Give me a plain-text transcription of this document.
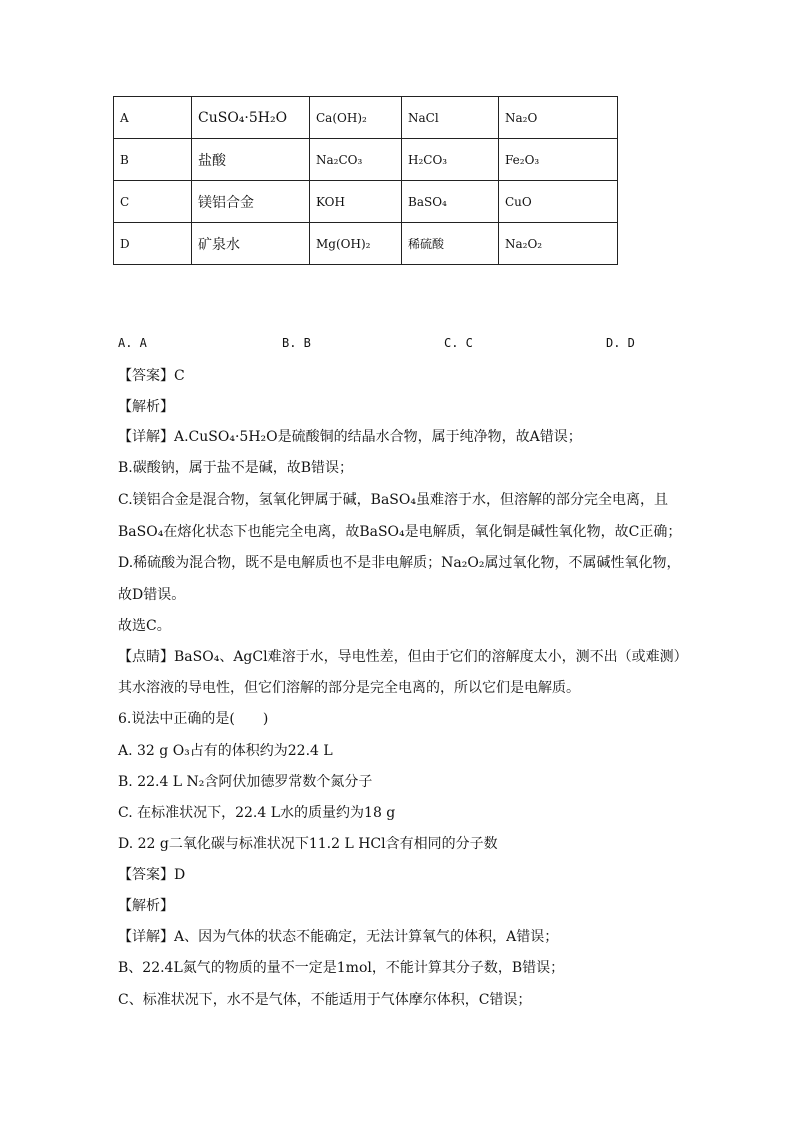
A	CuSO₄·5H₂O	Ca(OH)₂	NaCl	Na₂O
B	盐酸	Na₂CO₃	H₂CO₃	Fe₂O₃
C	镁铝合金	KOH	BaSO₄	CuO
D	矿泉水	Mg(OH)₂	稀硫酸	Na₂O₂
A. A	B. B	C. C	D. D
【答案】C
【解析】
【详解】A.CuSO₄·5H₂O是硫酸铜的结晶水合物，属于纯净物，故A错误；
B.碳酸钠，属于盐不是碱，故B错误；
C.镁铝合金是混合物，氢氧化钾属于碱，BaSO₄虽难溶于水，但溶解的部分完全电离，且
BaSO₄在熔化状态下也能完全电离，故BaSO₄是电解质，氧化铜是碱性氧化物，故C正确；
D.稀硫酸为混合物，既不是电解质也不是非电解质；Na₂O₂属过氧化物，不属碱性氧化物，
故D错误。
故选C。
【点睛】BaSO₄、AgCl难溶于水，导电性差，但由于它们的溶解度太小，测不出（或难测）
其水溶液的导电性，但它们溶解的部分是完全电离的，所以它们是电解质。
6.说法中正确的是(　　)
A. 32 g O₃占有的体积约为22.4 L
B. 22.4 L N₂含阿伏加德罗常数个氮分子
C. 在标准状况下，22.4 L水的质量约为18 g
D. 22 g二氧化碳与标准状况下11.2 L HCl含有相同的分子数
【答案】D
【解析】
【详解】A、因为气体的状态不能确定，无法计算氧气的体积，A错误；
B、22.4L氮气的物质的量不一定是1mol，不能计算其分子数，B错误；
C、标准状况下，水不是气体，不能适用于气体摩尔体积，C错误；
